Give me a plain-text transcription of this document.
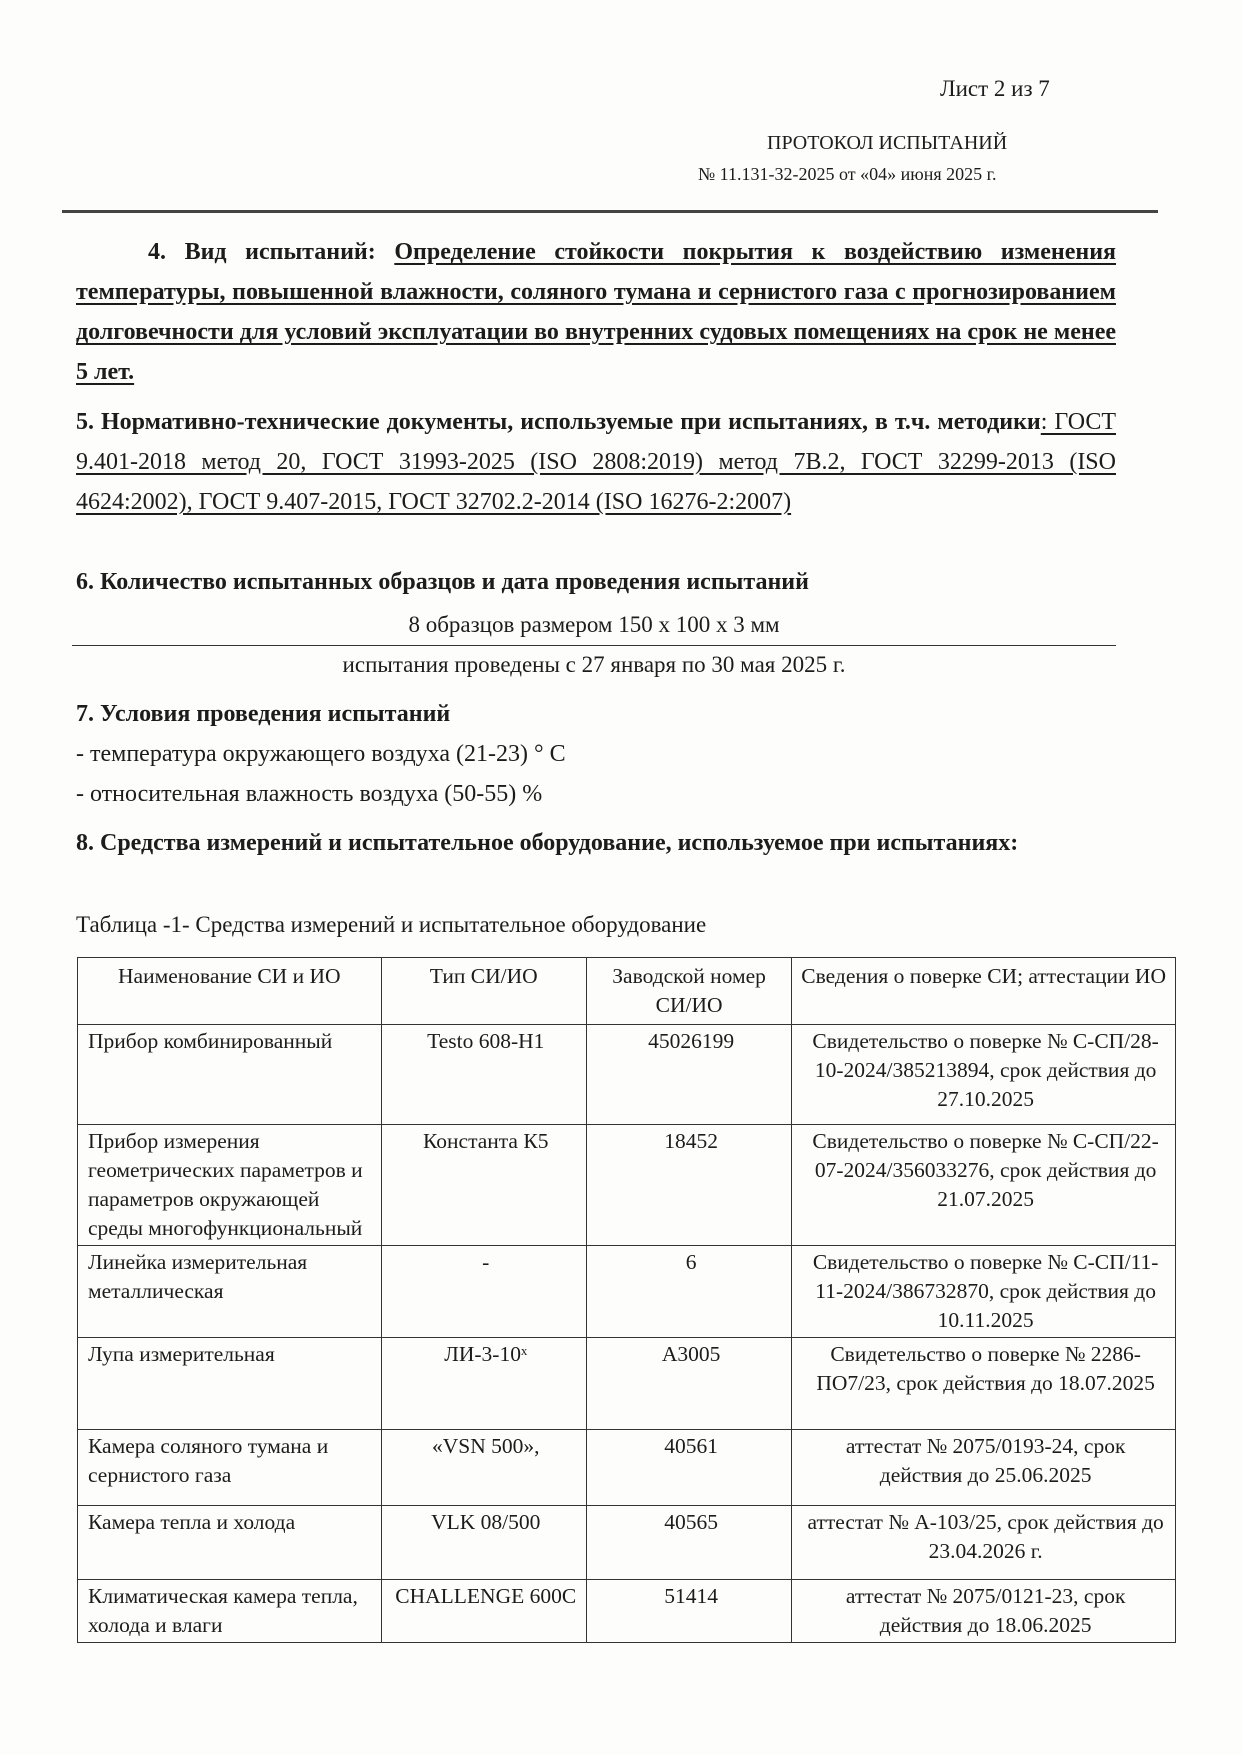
Лист 2 из 7
ПРОТОКОЛ ИСПЫТАНИЙ
№ 11.131-32-2025 от «04» июня 2025 г.
4. Вид испытаний: Определение стойкости покрытия к воздействию изменения температуры, повышенной влажности, соляного тумана и сернистого газа с прогнозированием долговечности для условий эксплуатации во внутренних судовых помещениях на срок не менее 5 лет.
5. Нормативно-технические документы, используемые при испытаниях, в т.ч. методики: ГОСТ 9.401-2018 метод 20, ГОСТ 31993-2025 (ISO 2808:2019) метод 7В.2, ГОСТ 32299-2013 (ISO 4624:2002), ГОСТ 9.407-2015, ГОСТ 32702.2-2014 (ISO 16276-2:2007)
6. Количество испытанных образцов и дата проведения испытаний
8 образцов размером 150 х 100 х 3 мм
испытания проведены с 27 января по 30 мая 2025 г.
7. Условия проведения испытаний
- температура окружающего воздуха (21-23) ° С
- относительная влажность воздуха (50-55) %
8. Средства измерений и испытательное оборудование, используемое при испытаниях:
Таблица -1- Средства измерений и испытательное оборудование
Наименование СИ и ИО	Тип СИ/ИО	Заводской номер СИ/ИО	Сведения о поверке СИ; аттестации ИО
Прибор комбинированный	Testo 608-H1	45026199	Свидетельство о поверке № С-СП/28-10-2024/385213894, срок действия до 27.10.2025
Прибор измерения геометрических параметров и параметров окружающей среды многофункциональный	Константа К5	18452	Свидетельство о поверке № С-СП/22-07-2024/356033276, срок действия до 21.07.2025
Линейка измерительная металлическая	-	6	Свидетельство о поверке № С-СП/11-11-2024/386732870, срок действия до 10.11.2025
Лупа измерительная	ЛИ-3-10ˣ	А3005	Свидетельство о поверке № 2286-ПО7/23, срок действия до 18.07.2025
Камера соляного тумана и сернистого газа	«VSN 500»,	40561	аттестат № 2075/0193-24, срок действия до 25.06.2025
Камера тепла и холода	VLK 08/500	40565	аттестат № А-103/25, срок действия до 23.04.2026 г.
Климатическая камера тепла, холода и влаги	CHALLENGE 600C	51414	аттестат № 2075/0121-23, срок действия до 18.06.2025
